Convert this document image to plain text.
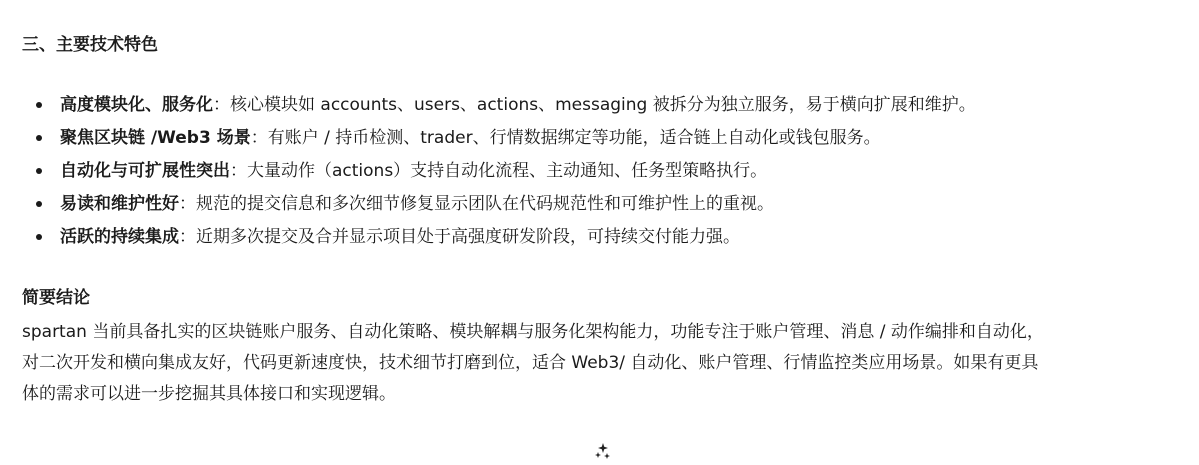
三、主要技术特色
高度模块化、服务化：核心模块如 accounts、users、actions、messaging 被拆分为独立服务，易于横向扩展和维护。
聚焦区块链 /Web3 场景：有账户 / 持币检测、trader、行情数据绑定等功能，适合链上自动化或钱包服务。
自动化与可扩展性突出：大量动作（actions）支持自动化流程、主动通知、任务型策略执行。
易读和维护性好：规范的提交信息和多次细节修复显示团队在代码规范性和可维护性上的重视。
活跃的持续集成：近期多次提交及合并显示项目处于高强度研发阶段，可持续交付能力强。
简要结论
spartan 当前具备扎实的区块链账户服务、自动化策略、模块解耦与服务化架构能力，功能专注于账户管理、消息 / 动作编排和自动化，
对二次开发和横向集成友好，代码更新速度快，技术细节打磨到位，适合 Web3/ 自动化、账户管理、行情监控类应用场景。如果有更具
体的需求可以进一步挖掘其具体接口和实现逻辑。
